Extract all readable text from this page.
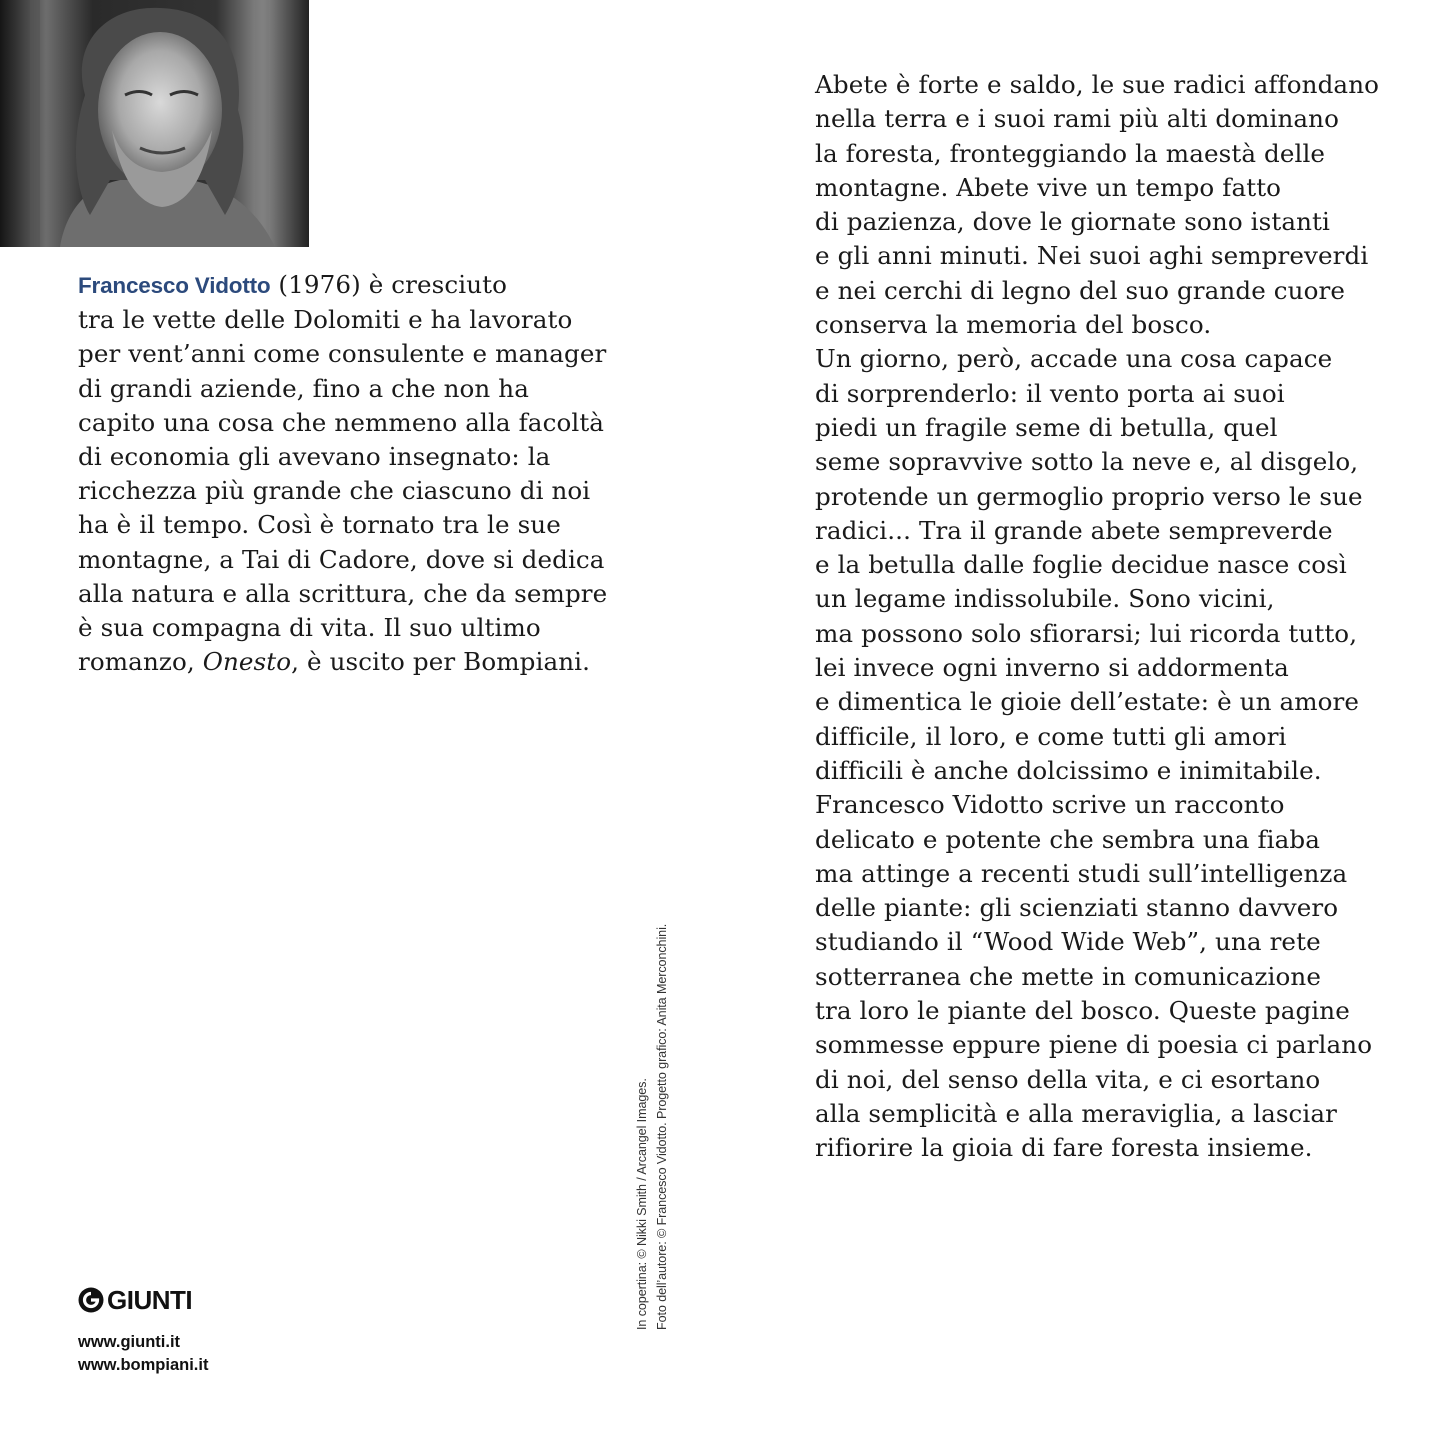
Francesco Vidotto (1976) è cresciuto
tra le vette delle Dolomiti e ha lavorato
per vent’anni come consulente e manager
di grandi aziende, fino a che non ha
capito una cosa che nemmeno alla facoltà
di economia gli avevano insegnato: la
ricchezza più grande che ciascuno di noi
ha è il tempo. Così è tornato tra le sue
montagne, a Tai di Cadore, dove si dedica
alla natura e alla scrittura, che da sempre
è sua compagna di vita. Il suo ultimo
romanzo, Onesto, è uscito per Bompiani.
Abete è forte e saldo, le sue radici affondano
nella terra e i suoi rami più alti dominano
la foresta, fronteggiando la maestà delle
montagne. Abete vive un tempo fatto
di pazienza, dove le giornate sono istanti
e gli anni minuti. Nei suoi aghi sempreverdi
e nei cerchi di legno del suo grande cuore
conserva la memoria del bosco.
Un giorno, però, accade una cosa capace
di sorprenderlo: il vento porta ai suoi
piedi un fragile seme di betulla, quel
seme sopravvive sotto la neve e, al disgelo,
protende un germoglio proprio verso le sue
radici... Tra il grande abete sempreverde
e la betulla dalle foglie decidue nasce così
un legame indissolubile. Sono vicini,
ma possono solo sfiorarsi; lui ricorda tutto,
lei invece ogni inverno si addormenta
e dimentica le gioie dell’estate: è un amore
difficile, il loro, e come tutti gli amori
difficili è anche dolcissimo e inimitabile.
Francesco Vidotto scrive un racconto
delicato e potente che sembra una fiaba
ma attinge a recenti studi sull’intelligenza
delle piante: gli scienziati stanno davvero
studiando il “Wood Wide Web”, una rete
sotterranea che mette in comunicazione
tra loro le piante del bosco. Queste pagine
sommesse eppure piene di poesia ci parlano
di noi, del senso della vita, e ci esortano
alla semplicità e alla meraviglia, a lasciar
rifiorire la gioia di fare foresta insieme.
In copertina: © Nikki Smith / Arcangel Images. Foto dell’autore: © Francesco Vidotto. Progetto grafico: Anita Merconchini.
GIUNTI
www.giunti.it
www.bompiani.it
